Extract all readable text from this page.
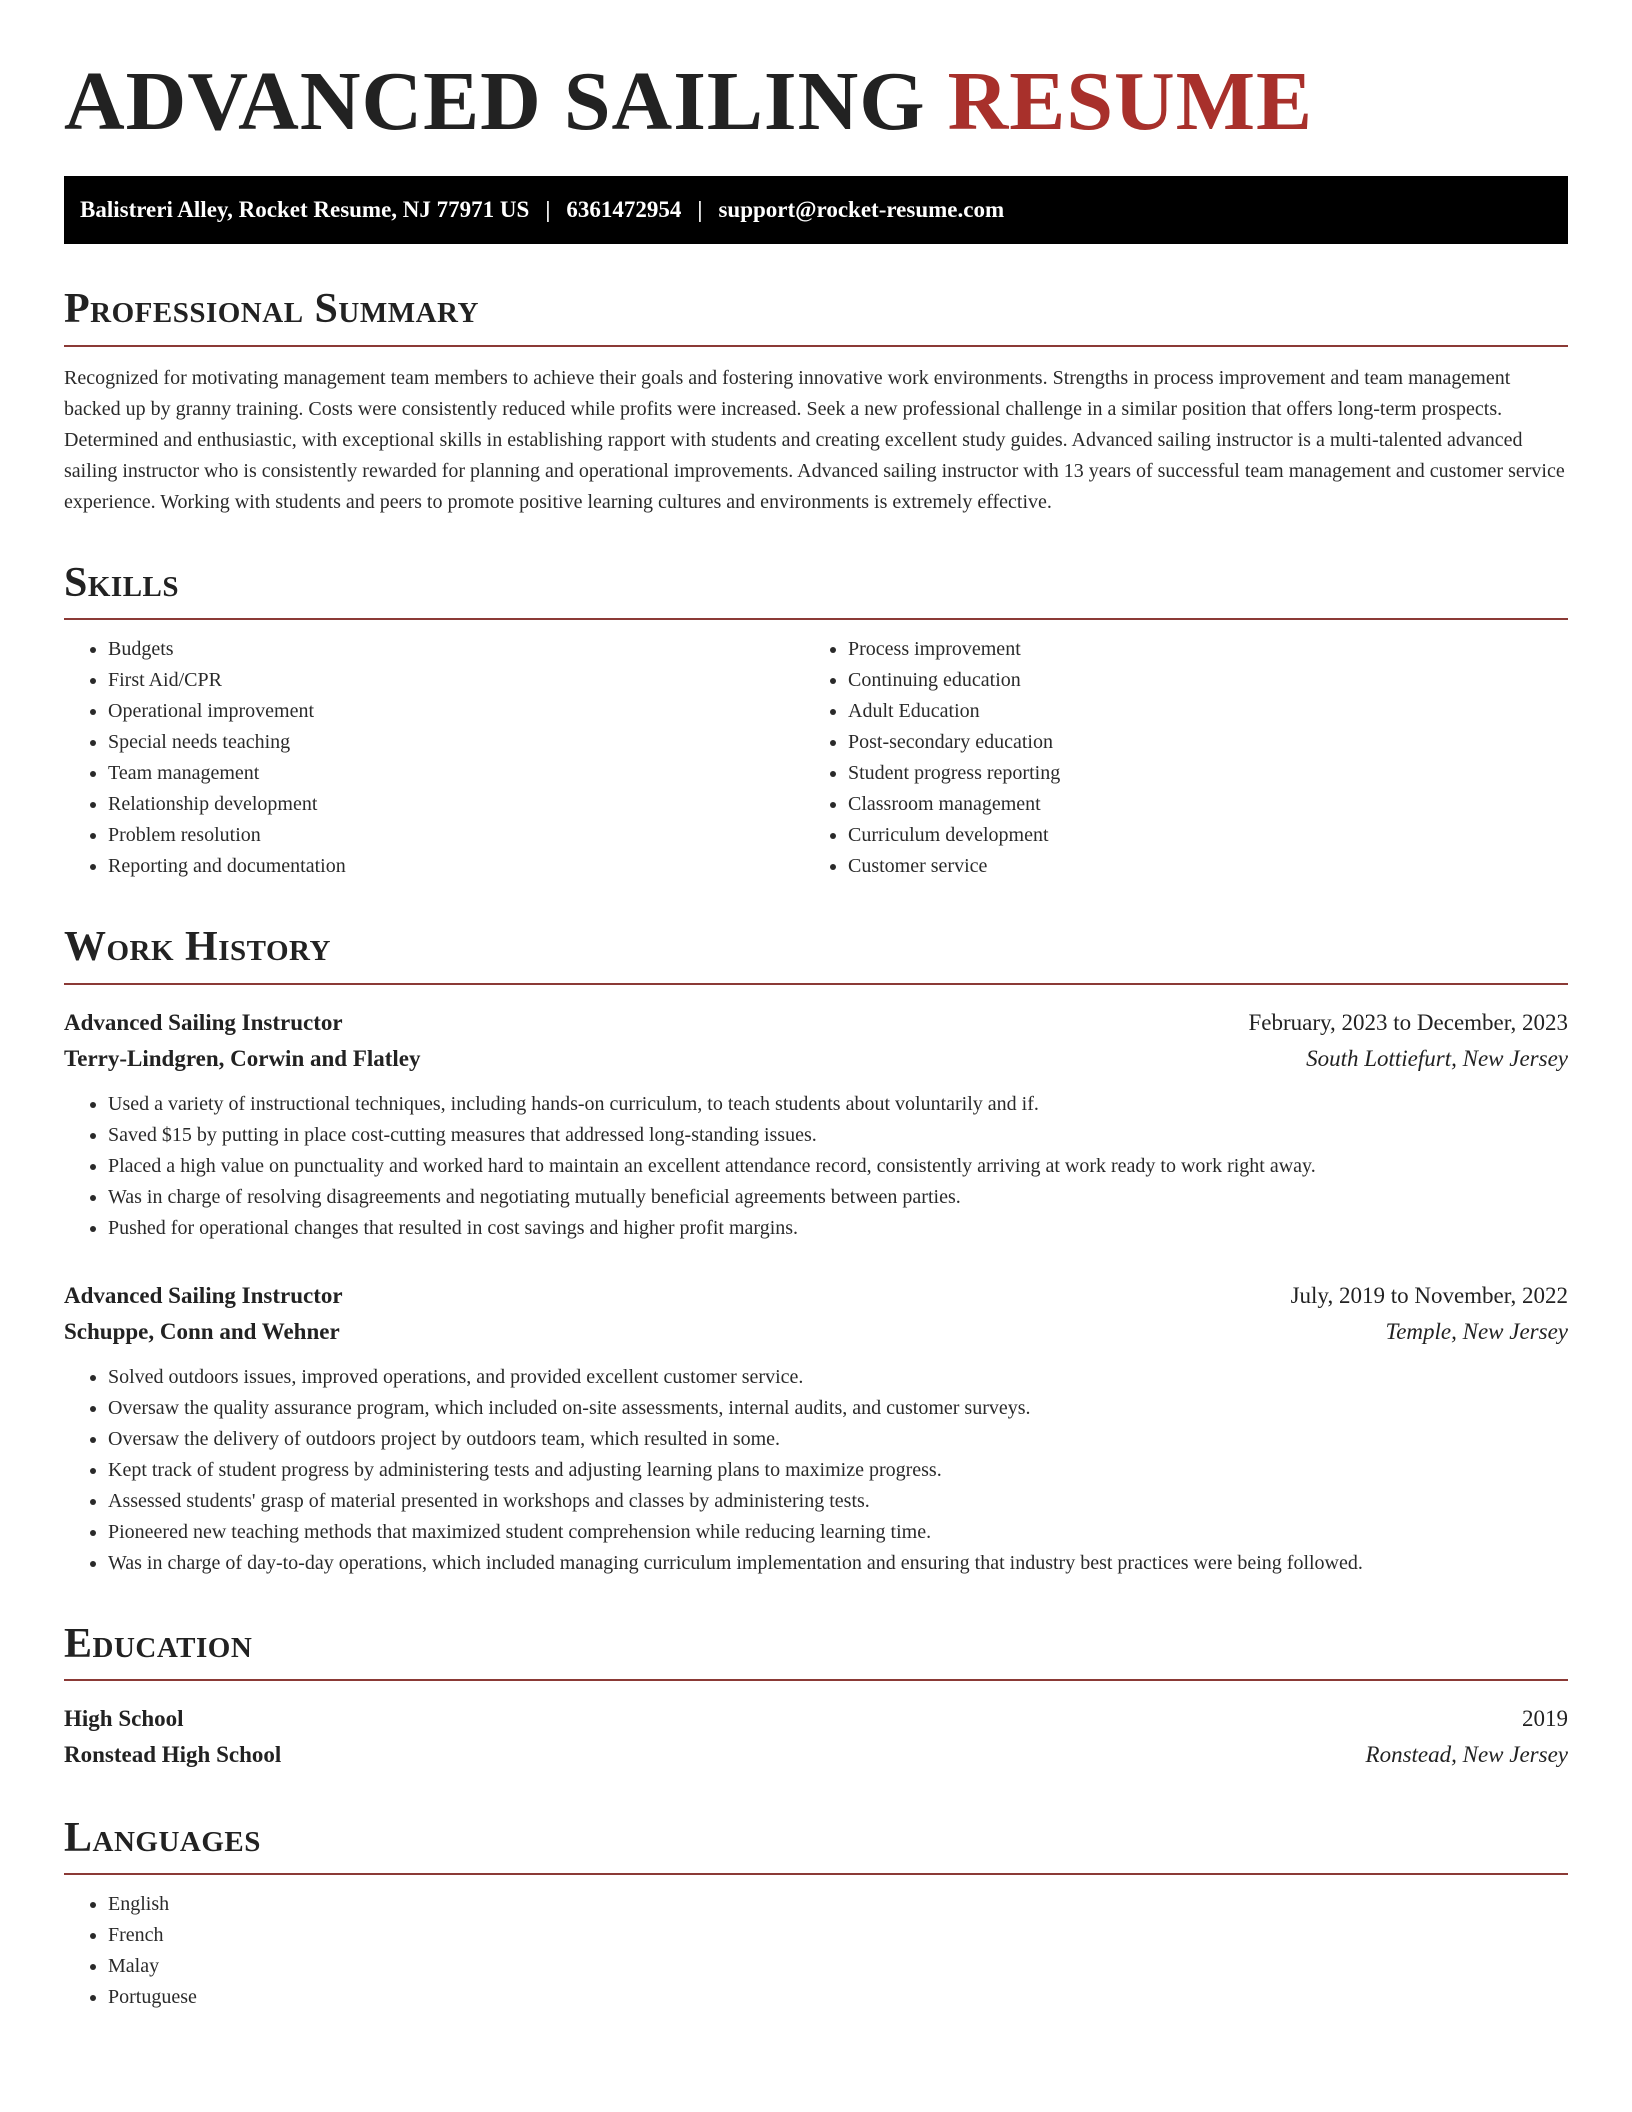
ADVANCED SAILING RESUME
Balistreri Alley, Rocket Resume, NJ 77971 US | 6361472954 | support@rocket-resume.com
Professional Summary

Recognized for motivating management team members to achieve their goals and fostering innovative work environments. Strengths in process improvement and team management backed up by granny training. Costs were consistently reduced while profits were increased. Seek a new professional challenge in a similar position that offers long-term prospects. Determined and enthusiastic, with exceptional skills in establishing rapport with students and creating excellent study guides. Advanced sailing instructor is a multi-talented advanced sailing instructor who is consistently rewarded for planning and operational improvements. Advanced sailing instructor with 13 years of successful team management and customer service experience. Working with students and peers to promote positive learning cultures and environments is extremely effective.

Skills
• Budgets
• First Aid/CPR
• Operational improvement
• Special needs teaching
• Team management
• Relationship development
• Problem resolution
• Reporting and documentation
• Process improvement
• Continuing education
• Adult Education
• Post-secondary education
• Student progress reporting
• Classroom management
• Curriculum development
• Customer service
Work History
Advanced Sailing Instructor	February, 2023 to December, 2023
Terry-Lindgren, Corwin and Flatley	South Lottiefurt, New Jersey
• Used a variety of instructional techniques, including hands-on curriculum, to teach students about voluntarily and if.
• Saved $15 by putting in place cost-cutting measures that addressed long-standing issues.
• Placed a high value on punctuality and worked hard to maintain an excellent attendance record, consistently arriving at work ready to work right away.
• Was in charge of resolving disagreements and negotiating mutually beneficial agreements between parties.
• Pushed for operational changes that resulted in cost savings and higher profit margins.
Advanced Sailing Instructor	July, 2019 to November, 2022
Schuppe, Conn and Wehner	Temple, New Jersey
• Solved outdoors issues, improved operations, and provided excellent customer service.
• Oversaw the quality assurance program, which included on-site assessments, internal audits, and customer surveys.
• Oversaw the delivery of outdoors project by outdoors team, which resulted in some.
• Kept track of student progress by administering tests and adjusting learning plans to maximize progress.
• Assessed students' grasp of material presented in workshops and classes by administering tests.
• Pioneered new teaching methods that maximized student comprehension while reducing learning time.
• Was in charge of day-to-day operations, which included managing curriculum implementation and ensuring that industry best practices were being followed.
Education
High School	2019
Ronstead High School	Ronstead, New Jersey
Languages
• English
• French
• Malay
• Portuguese
